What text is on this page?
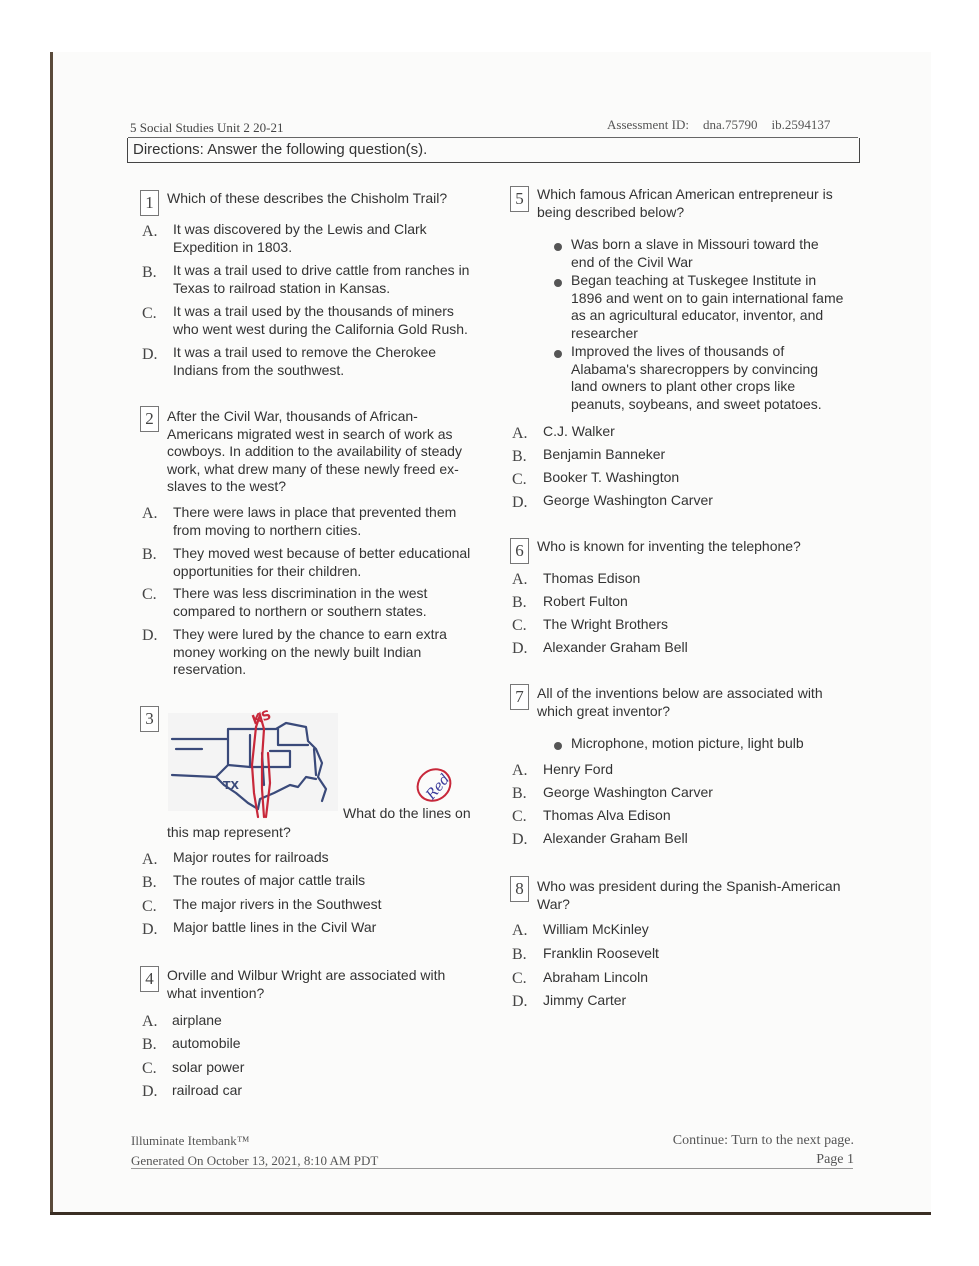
5 Social Studies Unit 2 20-21	Assessment ID: dna.75790 ib.2594137
Directions: Answer the following question(s).
1 Which of these describes the Chisholm Trail?
A. It was discovered by the Lewis and Clark
Expedition in 1803.
B. It was a trail used to drive cattle from ranches in
Texas to railroad station in Kansas.
C. It was a trail used by the thousands of miners
who went west during the California Gold Rush.
D. It was a trail used to remove the Cherokee
Indians from the southwest.
2 After the Civil War, thousands of African-
Americans migrated west in search of work as
cowboys. In addition to the availability of steady
work, what drew many of these newly freed ex-
slaves to the west?
A. There were laws in place that prevented them
from moving to northern cities.
B. They moved west because of better educational
opportunities for their children.
C. There was less discrimination in the west
compared to northern or southern states.
D. They were lured by the chance to earn extra
money working on the newly built Indian
reservation.
3	KS
TX
What do the lines on
this map represent?
Red
A. Major routes for railroads
B. The routes of major cattle trails
C. The major rivers in the Southwest
D. Major battle lines in the Civil War
4 Orville and Wilbur Wright are associated with
what invention?
A. airplane
B. automobile
C. solar power
D. railroad car
5 Which famous African American entrepreneur is
being described below?
Was born a slave in Missouri toward the
end of the Civil War
Began teaching at Tuskegee Institute in
1896 and went on to gain international fame
as an agricultural educator, inventor, and
researcher
Improved the lives of thousands of
Alabama's sharecroppers by convincing
land owners to plant other crops like
peanuts, soybeans, and sweet potatoes.
A. C.J. Walker
B. Benjamin Banneker
C. Booker T. Washington
D. George Washington Carver
6 Who is known for inventing the telephone?
A. Thomas Edison
B. Robert Fulton
C. The Wright Brothers
D. Alexander Graham Bell
7 All of the inventions below are associated with
which great inventor?
Microphone, motion picture, light bulb
A. Henry Ford
B. George Washington Carver
C. Thomas Alva Edison
D. Alexander Graham Bell
8 Who was president during the Spanish-American
War?
A. William McKinley
B. Franklin Roosevelt
C. Abraham Lincoln
D. Jimmy Carter
Illuminate Itembank™
Generated On October 13, 2021, 8:10 AM PDT
Continue: Turn to the next page.
Page 1
